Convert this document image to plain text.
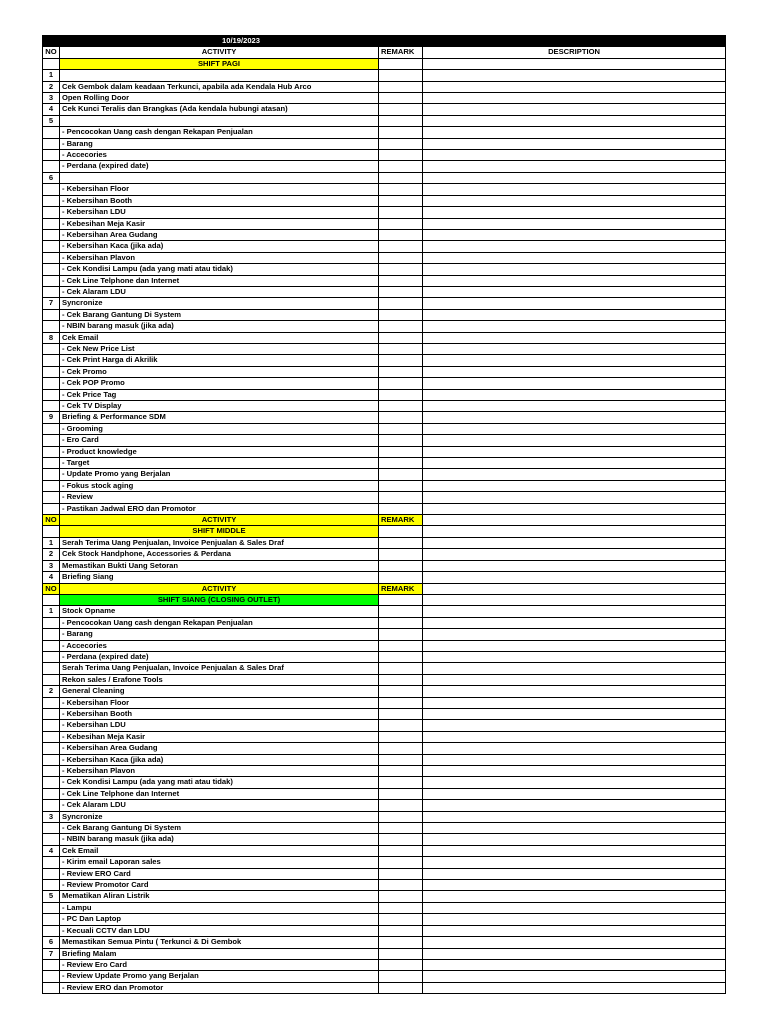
	10/19/2023		
NO	ACTIVITY	REMARK	DESCRIPTION
	SHIFT PAGI		
1			
2	Cek Gembok dalam keadaan Terkunci, apabila ada Kendala Hub Arco		
3	Open Rolling Door		
4	Cek Kunci Teralis dan Brangkas (Ada kendala hubungi atasan)		
5			
	- Pencocokan Uang cash dengan Rekapan Penjualan		
	- Barang		
	- Accecories		
	- Perdana (expired date)		
6			
	- Kebersihan Floor		
	- Kebersihan Booth		
	- Kebersihan LDU		
	- Kebesihan Meja Kasir		
	- Kebersihan Area Gudang		
	- Kebersihan Kaca (jika ada)		
	- Kebersihan Plavon		
	- Cek Kondisi Lampu (ada yang mati atau tidak)		
	- Cek Line Telphone dan Internet		
	- Cek Alaram LDU		
7	Syncronize		
	- Cek Barang Gantung Di System		
	- NBIN barang masuk (jika ada)		
8	Cek Email		
	- Cek New Price List		
	- Cek Print Harga di Akrilik		
	- Cek Promo		
	- Cek POP Promo		
	- Cek Price Tag		
	- Cek TV Display		
9	Briefing & Performance SDM		
	- Grooming		
	- Ero Card		
	- Product knowledge		
	- Target		
	- Update Promo yang Berjalan		
	- Fokus stock aging		
	- Review		
	- Pastikan Jadwal ERO dan Promotor		
NO	ACTIVITY	REMARK	
	SHIFT MIDDLE		
1	Serah Terima Uang Penjualan, Invoice Penjualan & Sales Draf		
2	Cek Stock Handphone, Accessories & Perdana		
3	Memastikan Bukti Uang Setoran		
4	Briefing Siang		
NO	ACTIVITY	REMARK	
	SHIFT SIANG (CLOSING OUTLET)		
1	Stock Opname		
	- Pencocokan Uang cash dengan Rekapan Penjualan		
	- Barang		
	- Accecories		
	- Perdana (expired date)		
	Serah Terima Uang Penjualan, Invoice Penjualan & Sales Draf		
	Rekon sales / Erafone Tools		
2	General Cleaning		
	- Kebersihan Floor		
	- Kebersihan Booth		
	- Kebersihan LDU		
	- Kebesihan Meja Kasir		
	- Kebersihan Area Gudang		
	- Kebersihan Kaca (jika ada)		
	- Kebersihan Plavon		
	- Cek Kondisi Lampu (ada yang mati atau tidak)		
	- Cek Line Telphone dan Internet		
	- Cek Alaram LDU		
3	Syncronize		
	- Cek Barang Gantung Di System		
	- NBIN barang masuk (jika ada)		
4	Cek Email		
	- Kirim email Laporan sales		
	- Review ERO Card		
	- Review Promotor Card		
5	Mematikan Aliran Listrik		
	- Lampu		
	- PC Dan Laptop		
	- Kecuali CCTV dan LDU		
6	Memastikan Semua Pintu ( Terkunci & Di Gembok		
7	Briefing Malam		
	- Review Ero Card		
	- Review Update Promo yang Berjalan		
	- Review ERO dan Promotor		
